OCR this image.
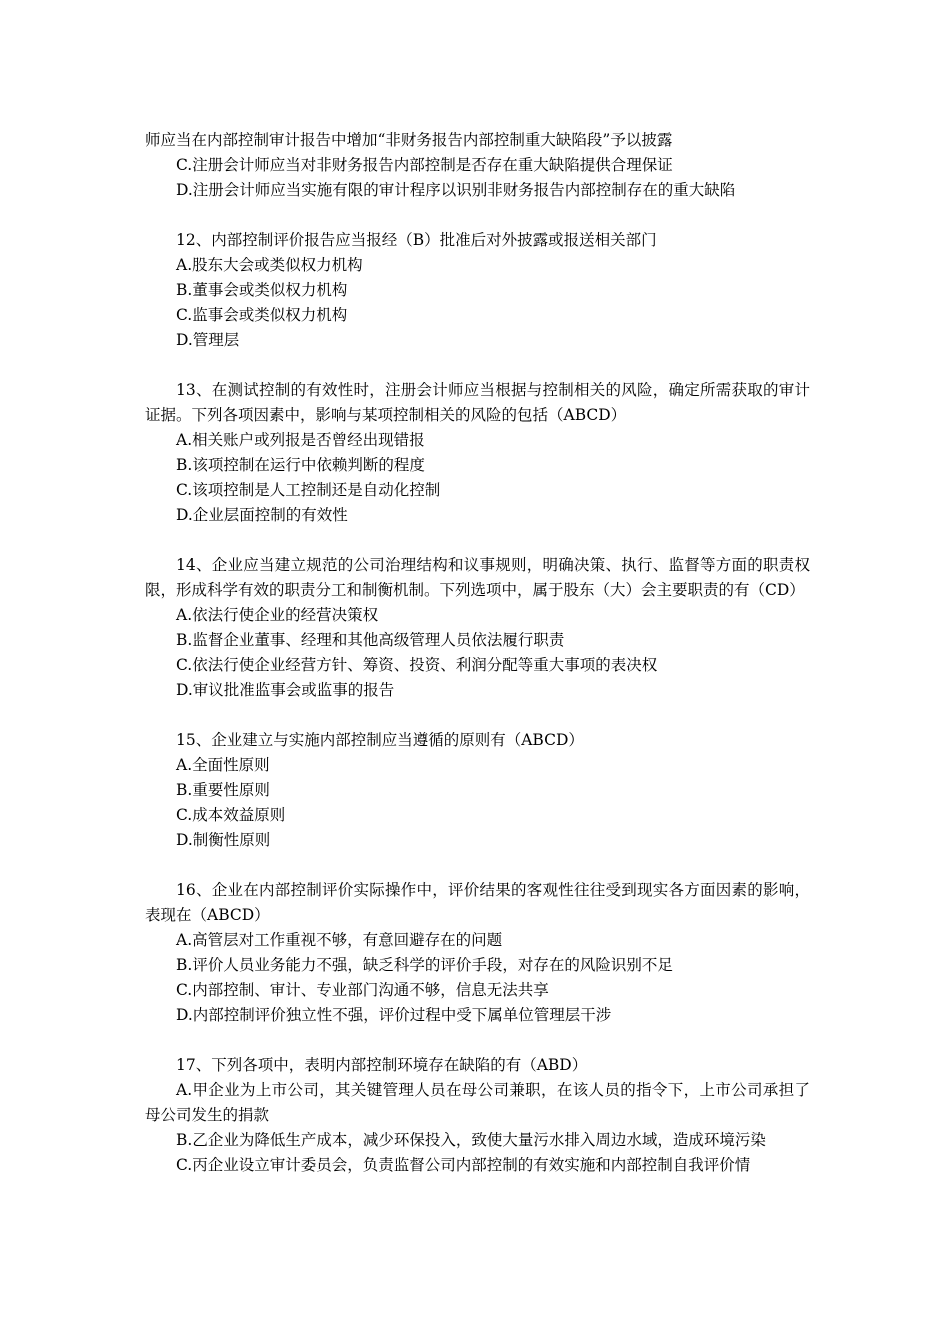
师应当在内部控制审计报告中增加“非财务报告内部控制重大缺陷段”予以披露
C.注册会计师应当对非财务报告内部控制是否存在重大缺陷提供合理保证
D.注册会计师应当实施有限的审计程序以识别非财务报告内部控制存在的重大缺陷
12、内部控制评价报告应当报经（B）批准后对外披露或报送相关部门
A.股东大会或类似权力机构
B.董事会或类似权力机构
C.监事会或类似权力机构
D.管理层
13、在测试控制的有效性时，注册会计师应当根据与控制相关的风险，确定所需获取的审计证据。下列各项因素中，影响与某项控制相关的风险的包括（ABCD）
A.相关账户或列报是否曾经出现错报
B.该项控制在运行中依赖判断的程度
C.该项控制是人工控制还是自动化控制
D.企业层面控制的有效性
14、企业应当建立规范的公司治理结构和议事规则，明确决策、执行、监督等方面的职责权限，形成科学有效的职责分工和制衡机制。下列选项中，属于股东（大）会主要职责的有（CD）
A.依法行使企业的经营决策权
B.监督企业董事、经理和其他高级管理人员依法履行职责
C.依法行使企业经营方针、筹资、投资、利润分配等重大事项的表决权
D.审议批准监事会或监事的报告
15、企业建立与实施内部控制应当遵循的原则有（ABCD）
A.全面性原则
B.重要性原则
C.成本效益原则
D.制衡性原则
16、企业在内部控制评价实际操作中，评价结果的客观性往往受到现实各方面因素的影响，表现在（ABCD）
A.高管层对工作重视不够，有意回避存在的问题
B.评价人员业务能力不强，缺乏科学的评价手段，对存在的风险识别不足
C.内部控制、审计、专业部门沟通不够，信息无法共享
D.内部控制评价独立性不强，评价过程中受下属单位管理层干涉
17、下列各项中，表明内部控制环境存在缺陷的有（ABD）
A.甲企业为上市公司，其关键管理人员在母公司兼职，在该人员的指令下，上市公司承担了母公司发生的捐款
B.乙企业为降低生产成本，减少环保投入，致使大量污水排入周边水域，造成环境污染
C.丙企业设立审计委员会，负责监督公司内部控制的有效实施和内部控制自我评价情
